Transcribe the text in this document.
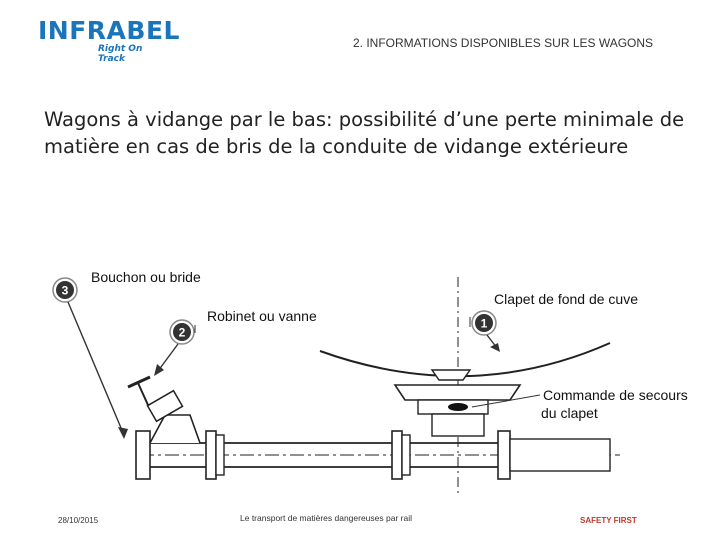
INFRABEL
Right On Track
2. INFORMATIONS DISPONIBLES SUR LES WAGONS
Wagons à vidange par le bas: possibilité d’une perte minimale de matière en cas de bris de la conduite de vidange extérieure
3
2
1
Bouchon ou bride
Robinet ou vanne
Clapet de fond de cuve
Commande de secours
du clapet
28/10/2015	Le transport de matières dangereuses par rail	SAFETY FIRST
